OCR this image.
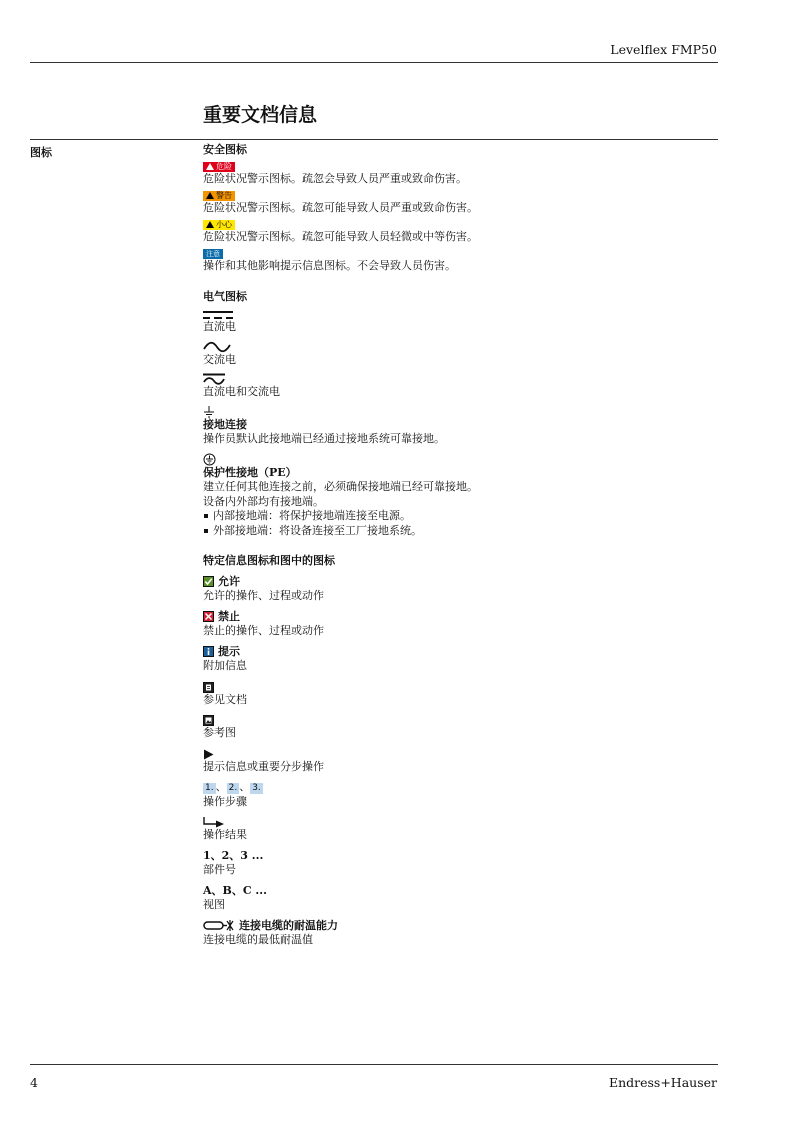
Levelflex FMP50
重要文档信息
图标	安全图标
危险
危险状况警示图标。疏忽会导致人员严重或致命伤害。
警告
危险状况警示图标。疏忽可能导致人员严重或致命伤害。
小心
危险状况警示图标。疏忽可能导致人员轻微或中等伤害。
注意
操作和其他影响提示信息图标。不会导致人员伤害。
电气图标
直流电
交流电
直流电和交流电
接地连接
操作员默认此接地端已经通过接地系统可靠接地。
保护性接地（PE）
建立任何其他连接之前，必须确保接地端已经可靠接地。
设备内外部均有接地端。
内部接地端：将保护接地端连接至电源。
外部接地端：将设备连接至工厂接地系统。
特定信息图标和图中的图标
允许
允许的操作、过程或动作
禁止
禁止的操作、过程或动作
提示
附加信息
参见文档
参考图
提示信息或重要分步操作
1. 、 2. 、 3.
操作步骤
操作结果
1、2、3 ...
部件号
A、B、C ...
视图
连接电缆的耐温能力
连接电缆的最低耐温值
4	Endress+Hauser
